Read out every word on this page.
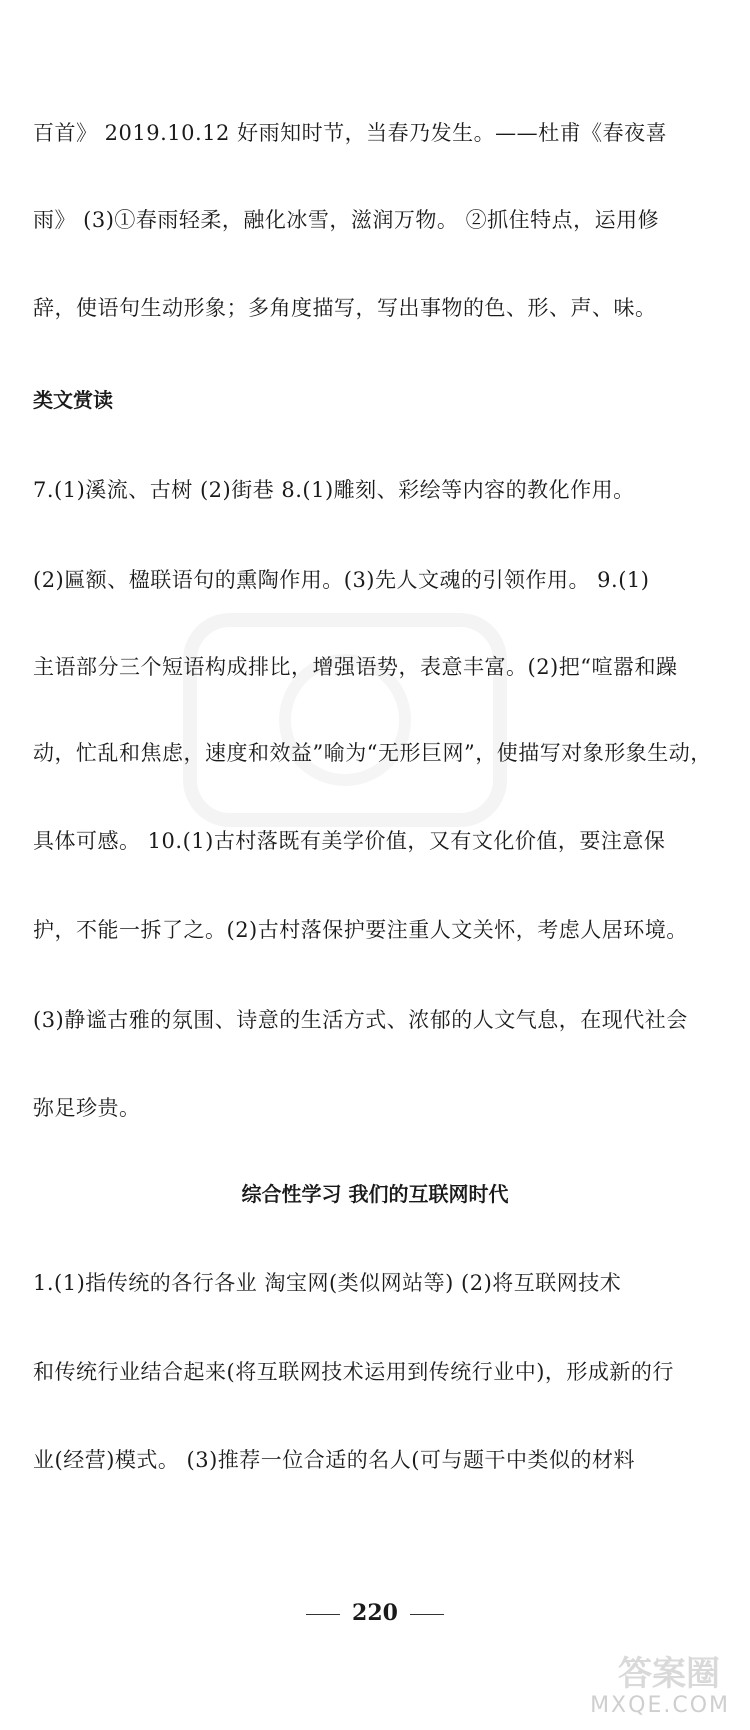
百首》 2019.10.12 好雨知时节，当春乃发生。——杜甫《春夜喜
雨》 (3)①春雨轻柔，融化冰雪，滋润万物。 ②抓住特点，运用修
辞，使语句生动形象；多角度描写，写出事物的色、形、声、味。
类文赏读
7.(1)溪流、古树 (2)街巷 8.(1)雕刻、彩绘等内容的教化作用。
(2)匾额、楹联语句的熏陶作用。(3)先人文魂的引领作用。 9.(1)
主语部分三个短语构成排比，增强语势，表意丰富。(2)把“喧嚣和躁
动，忙乱和焦虑，速度和效益”喻为“无形巨网”，使描写对象形象生动，
具体可感。 10.(1)古村落既有美学价值，又有文化价值，要注意保
护，不能一拆了之。(2)古村落保护要注重人文关怀，考虑人居环境。
(3)静谧古雅的氛围、诗意的生活方式、浓郁的人文气息，在现代社会
弥足珍贵。
综合性学习 我们的互联网时代
1.(1)指传统的各行各业 淘宝网(类似网站等) (2)将互联网技术
和传统行业结合起来(将互联网技术运用到传统行业中)，形成新的行
业(经营)模式。 (3)推荐一位合适的名人(可与题干中类似的材料
220
答案圈
MXQE.COM
